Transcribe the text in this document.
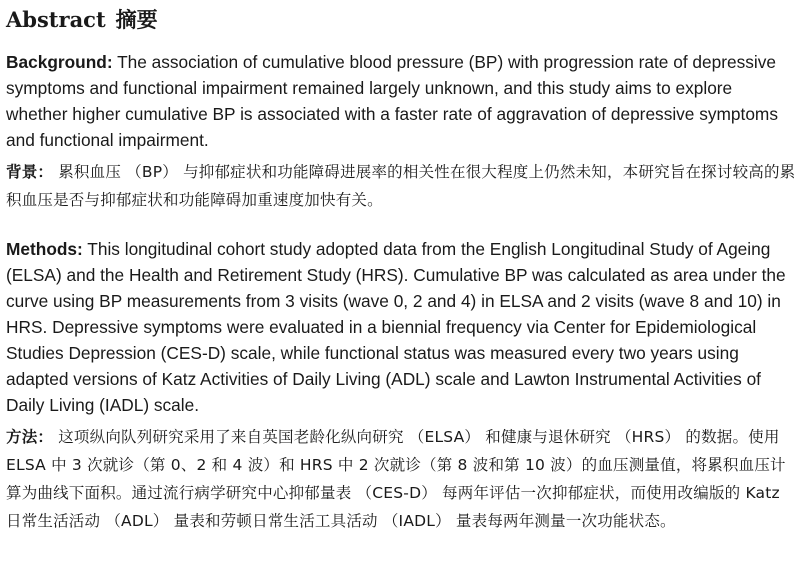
Abstract 摘要

Background: The association of cumulative blood pressure (BP) with progression rate of depressive symptoms and functional impairment remained largely unknown, and this study aims to explore whether higher cumulative BP is associated with a faster rate of aggravation of depressive symptoms and functional impairment.

背景： 累积血压 （BP） 与抑郁症状和功能障碍进展率的相关性在很大程度上仍然未知，本研究旨在探讨较高的累积血压是否与抑郁症状和功能障碍加重速度加快有关。

Methods: This longitudinal cohort study adopted data from the English Longitudinal Study of Ageing (ELSA) and the Health and Retirement Study (HRS). Cumulative BP was calculated as area under the curve using BP measurements from 3 visits (wave 0, 2 and 4) in ELSA and 2 visits (wave 8 and 10) in HRS. Depressive symptoms were evaluated in a biennial frequency via Center for Epidemiological Studies Depression (CES-D) scale, while functional status was measured every two years using adapted versions of Katz Activities of Daily Living (ADL) scale and Lawton Instrumental Activities of Daily Living (IADL) scale.

方法： 这项纵向队列研究采用了来自英国老龄化纵向研究 （ELSA） 和健康与退休研究 （HRS） 的数据。使用 ELSA 中 3 次就诊（第 0、2 和 4 波）和 HRS 中 2 次就诊（第 8 波和第 10 波）的血压测量值，将累积血压计算为曲线下面积。通过流行病学研究中心抑郁量表 （CES-D） 每两年评估一次抑郁症状，而使用改编版的 Katz 日常生活活动 （ADL） 量表和劳顿日常生活工具活动 （IADL） 量表每两年测量一次功能状态。
